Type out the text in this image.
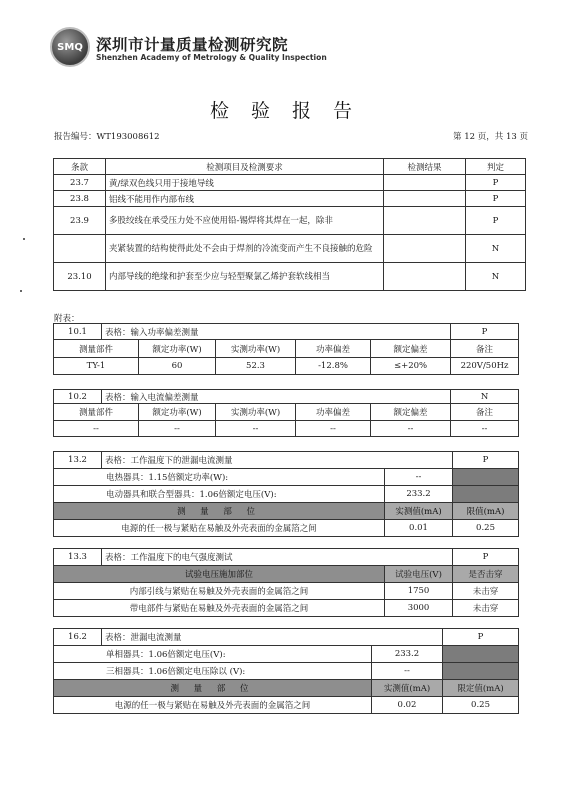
SMQ 深圳市计量质量检测研究院
Shenzhen Academy of Metrology & Quality Inspection
检 验 报 告
报告编号：WT193008612	第 12 页，共 13 页
条款	检测项目及检测要求	检测结果	判定
23.7	黄/绿双色线只用于接地导线		P
23.8	铝线不能用作内部布线		P
23.9	多股绞线在承受压力处不应使用铅-锡焊将其焊在一起，除非		P
	夹紧装置的结构使得此处不会由于焊剂的冷流变而产生不良接触的危险		N
23.10	内部导线的绝缘和护套至少应与轻型聚氯乙烯护套软线相当		N
附表：
10.1	表格：输入功率偏差测量					P
测量部件		额定功率(W)	实测功率(W)	功率偏差	额定偏差	备注
TY-1		60	52.3	-12.8%	≤+20%	220V/50Hz
10.2	表格：输入电流偏差测量					N
测量部件		额定功率(W)	实测功率(W)	功率偏差	额定偏差	备注
--		--	--	--	--	--
13.2	表格：工作温度下的泄漏电流测量		P
电热器具：1.15倍额定功率(W):		--	
电动器具和联合型器具：1.06倍额定电压(V):		233.2	
测 量 部 位		实测值(mA)	限值(mA)
电源的任一极与紧贴在易触及外壳表面的金属箔之间		0.01	0.25
13.3	表格：工作温度下的电气强度测试		P
试验电压施加部位		试验电压(V)	是否击穿
内部引线与紧贴在易触及外壳表面的金属箔之间		1750	未击穿
带电部件与紧贴在易触及外壳表面的金属箔之间		3000	未击穿
16.2	表格：泄漏电流测量		P
单相器具：1.06倍额定电压(V):		233.2	
三相器具：1.06倍额定电压除以 (V):		--	
测 量 部 位		实测值(mA)	限定值(mA)
电源的任一极与紧贴在易触及外壳表面的金属箔之间		0.02	0.25
